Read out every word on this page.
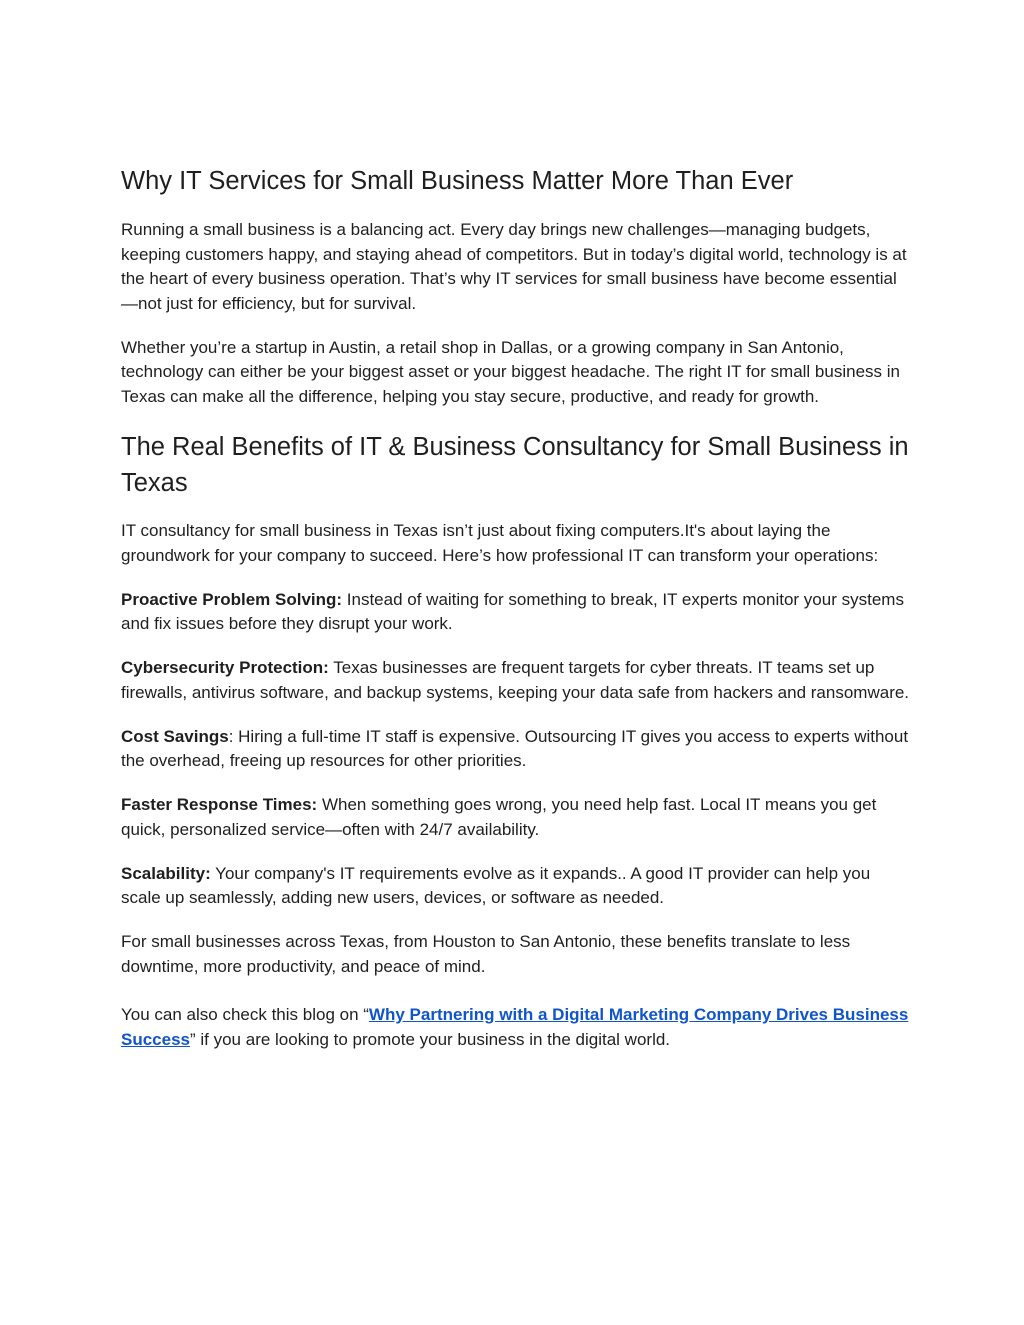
Why IT Services for Small Business Matter More Than Ever

Running a small business is a balancing act. Every day brings new challenges—managing budgets, keeping customers happy, and staying ahead of competitors. But in today’s digital world, technology is at the heart of every business operation. That’s why IT services for small business have become essential—not just for efficiency, but for survival.

Whether you’re a startup in Austin, a retail shop in Dallas, or a growing company in San Antonio, technology can either be your biggest asset or your biggest headache. The right IT for small business in Texas can make all the difference, helping you stay secure, productive, and ready for growth.

The Real Benefits of IT & Business Consultancy for Small Business in Texas

IT consultancy for small business in Texas isn’t just about fixing computers.It's about laying the groundwork for your company to succeed. Here’s how professional IT can transform your operations:

Proactive Problem Solving: Instead of waiting for something to break, IT experts monitor your systems and fix issues before they disrupt your work.

Cybersecurity Protection: Texas businesses are frequent targets for cyber threats. IT teams set up firewalls, antivirus software, and backup systems, keeping your data safe from hackers and ransomware.

Cost Savings: Hiring a full-time IT staff is expensive. Outsourcing IT gives you access to experts without the overhead, freeing up resources for other priorities.

Faster Response Times: When something goes wrong, you need help fast. Local IT means you get quick, personalized service—often with 24/7 availability.

Scalability: Your company's IT requirements evolve as it expands.. A good IT provider can help you scale up seamlessly, adding new users, devices, or software as needed.

For small businesses across Texas, from Houston to San Antonio, these benefits translate to less downtime, more productivity, and peace of mind.

You can also check this blog on “Why Partnering with a Digital Marketing Company Drives Business Success” if you are looking to promote your business in the digital world.
